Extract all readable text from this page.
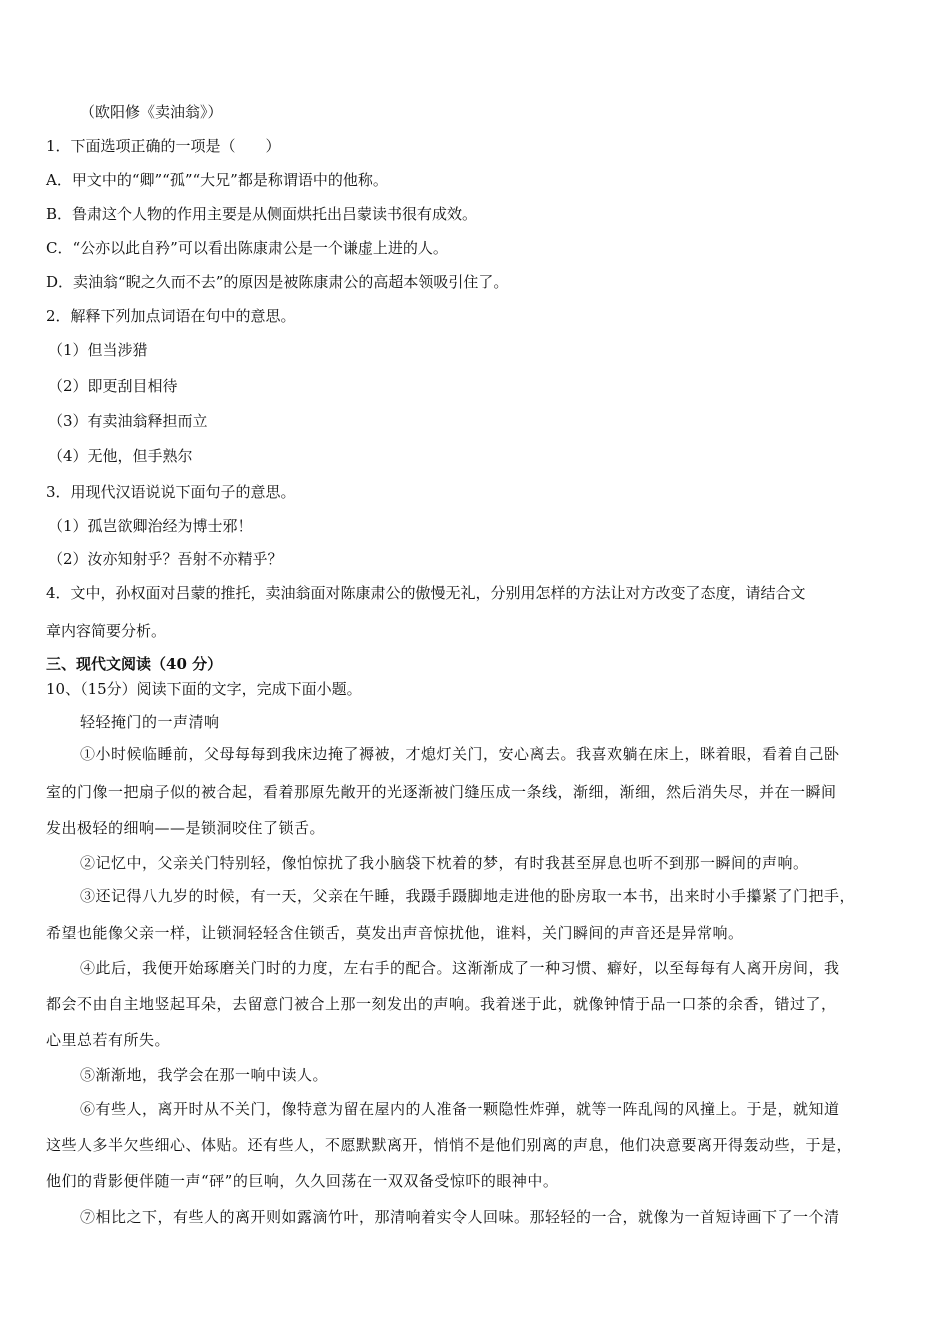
（欧阳修《卖油翁》）
1．下面选项正确的一项是（　　）
A．甲文中的“卿”“孤”“大兄”都是称谓语中的他称。
B．鲁肃这个人物的作用主要是从侧面烘托出吕蒙读书很有成效。
C．“公亦以此自矜”可以看出陈康肃公是一个谦虚上进的人。
D．卖油翁“睨之久而不去”的原因是被陈康肃公的高超本领吸引住了。
2．解释下列加点词语在句中的意思。
（1）但当涉猎
（2）即更刮目相待
（3）有卖油翁释担而立
（4）无他，但手熟尔
3．用现代汉语说说下面句子的意思。
（1）孤岂欲卿治经为博士邪！
（2）汝亦知射乎？吾射不亦精乎？
4．文中，孙权面对吕蒙的推托，卖油翁面对陈康肃公的傲慢无礼，分别用怎样的方法让对方改变了态度，请结合文
章内容简要分析。
三、现代文阅读（40 分）
10、（15分）阅读下面的文字，完成下面小题。
轻轻掩门的一声清响
①小时候临睡前，父母每每到我床边掩了褥被，才熄灯关门，安心离去。我喜欢躺在床上，眯着眼，看着自己卧
室的门像一把扇子似的被合起，看着那原先敞开的光逐渐被门缝压成一条线，渐细，渐细，然后消失尽，并在一瞬间
发出极轻的细响——是锁洞咬住了锁舌。
②记忆中，父亲关门特别轻，像怕惊扰了我小脑袋下枕着的梦，有时我甚至屏息也听不到那一瞬间的声响。
③还记得八九岁的时候，有一天，父亲在午睡，我蹑手蹑脚地走进他的卧房取一本书，出来时小手攥紧了门把手，
希望也能像父亲一样，让锁洞轻轻含住锁舌，莫发出声音惊扰他，谁料，关门瞬间的声音还是异常响。
④此后，我便开始琢磨关门时的力度，左右手的配合。这渐渐成了一种习惯、癖好，以至每每有人离开房间，我
都会不由自主地竖起耳朵，去留意门被合上那一刻发出的声响。我着迷于此，就像钟情于品一口茶的余香，错过了，
心里总若有所失。
⑤渐渐地，我学会在那一响中读人。
⑥有些人，离开时从不关门，像特意为留在屋内的人准备一颗隐性炸弹，就等一阵乱闯的风撞上。于是，就知道
这些人多半欠些细心、体贴。还有些人，不愿默默离开，悄悄不是他们别离的声息，他们决意要离开得轰动些，于是，
他们的背影便伴随一声“砰”的巨响，久久回荡在一双双备受惊吓的眼神中。
⑦相比之下，有些人的离开则如露滴竹叶，那清响着实令人回味。那轻轻的一合，就像为一首短诗画下了一个清
